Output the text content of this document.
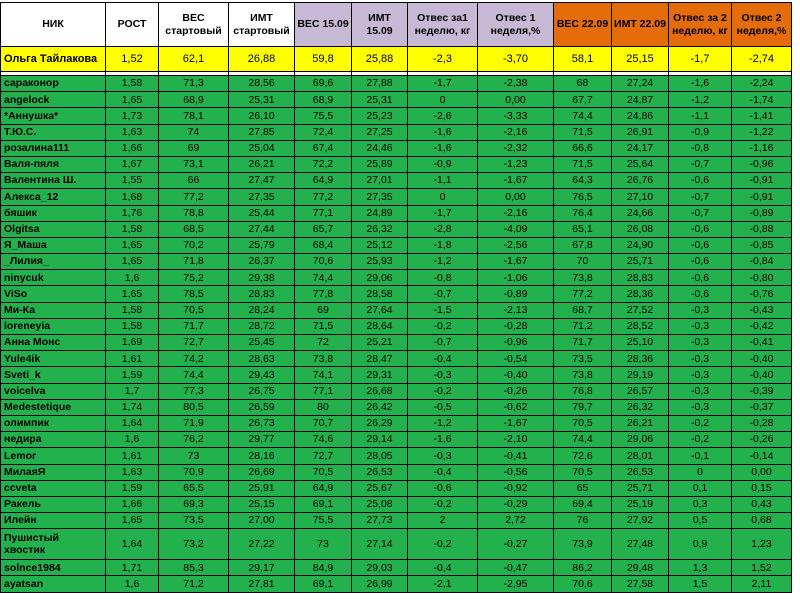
НИК	РОСТ	ВЕС стартовый	ИМТ стартовый	ВЕС 15.09	ИМТ 15.09	Отвес за1 неделю, кг	Отвес 1 неделя,%	ВЕС 22.09	ИМТ 22.09	Отвес за 2 неделю, кг	Отвес 2 неделя,%
Ольга Тайлакова	1,52	62,1	26,88	59,8	25,88	-2,3	-3,70	58,1	25,15	-1,7	-2,74

сараконор	1,58	71,3	28,56	69,6	27,88	-1,7	-2,38	68	27,24	-1,6	-2,24
angelock	1,65	68,9	25,31	68,9	25,31	0	0,00	67,7	24,87	-1,2	-1,74
*Аннушка*	1,73	78,1	26,10	75,5	25,23	-2,6	-3,33	74,4	24,86	-1,1	-1,41
Т.Ю.С.	1,63	74	27,85	72,4	27,25	-1,6	-2,16	71,5	26,91	-0,9	-1,22
розалина111	1,66	69	25,04	67,4	24,46	-1,6	-2,32	66,6	24,17	-0,8	-1,16
Валя-пяля	1,67	73,1	26,21	72,2	25,89	-0,9	-1,23	71,5	25,64	-0,7	-0,96
Валентина Ш.	1,55	66	27,47	64,9	27,01	-1,1	-1,67	64,3	26,76	-0,6	-0,91
Алекса_12	1,68	77,2	27,35	77,2	27,35	0	0,00	76,5	27,10	-0,7	-0,91
бяшик	1,76	78,8	25,44	77,1	24,89	-1,7	-2,16	76,4	24,66	-0,7	-0,89
Olgitsa	1,58	68,5	27,44	65,7	26,32	-2,8	-4,09	65,1	26,08	-0,6	-0,88
Я_Маша	1,65	70,2	25,79	68,4	25,12	-1,8	-2,56	67,8	24,90	-0,6	-0,85
_Лилия_	1,65	71,8	26,37	70,6	25,93	-1,2	-1,67	70	25,71	-0,6	-0,84
ninycuk	1,6	75,2	29,38	74,4	29,06	-0,8	-1,06	73,8	28,83	-0,6	-0,80
ViSo	1,65	78,5	28,83	77,8	28,58	-0,7	-0,89	77,2	28,36	-0,6	-0,76
Ми-Ка	1,58	70,5	28,24	69	27,64	-1,5	-2,13	68,7	27,52	-0,3	-0,43
loreneyia	1,58	71,7	28,72	71,5	28,64	-0,2	-0,28	71,2	28,52	-0,3	-0,42
Анна Монс	1,69	72,7	25,45	72	25,21	-0,7	-0,96	71,7	25,10	-0,3	-0,41
Yule4ik	1,61	74,2	28,63	73,8	28,47	-0,4	-0,54	73,5	28,36	-0,3	-0,40
Sveti_k	1,59	74,4	29,43	74,1	29,31	-0,3	-0,40	73,8	29,19	-0,3	-0,40
voicelva	1,7	77,3	26,75	77,1	26,68	-0,2	-0,26	76,8	26,57	-0,3	-0,39
Medestetique	1,74	80,5	26,59	80	26,42	-0,5	-0,62	79,7	26,32	-0,3	-0,37
олимпик	1,64	71,9	26,73	70,7	26,29	-1,2	-1,67	70,5	26,21	-0,2	-0,28
недира	1,6	76,2	29,77	74,6	29,14	-1,6	-2,10	74,4	29,06	-0,2	-0,26
Lemor	1,61	73	28,16	72,7	28,05	-0,3	-0,41	72,6	28,01	-0,1	-0,14
МилаяЯ	1,63	70,9	26,69	70,5	26,53	-0,4	-0,56	70,5	26,53	0	0,00
ccveta	1,59	65,5	25,91	64,9	25,67	-0,6	-0,92	65	25,71	0,1	0,15
Ракель	1,66	69,3	25,15	69,1	25,08	-0,2	-0,29	69,4	25,19	0,3	0,43
Илейн	1,65	73,5	27,00	75,5	27,73	2	2,72	76	27,92	0,5	0,68
Пушистый хвостик	1,64	73,2	27,22	73	27,14	-0,2	-0,27	73,9	27,48	0,9	1,23
solnce1984	1,71	85,3	29,17	84,9	29,03	-0,4	-0,47	86,2	29,48	1,3	1,52
ayatsan	1,6	71,2	27,81	69,1	26,99	-2,1	-2,95	70,6	27,58	1,5	2,11
